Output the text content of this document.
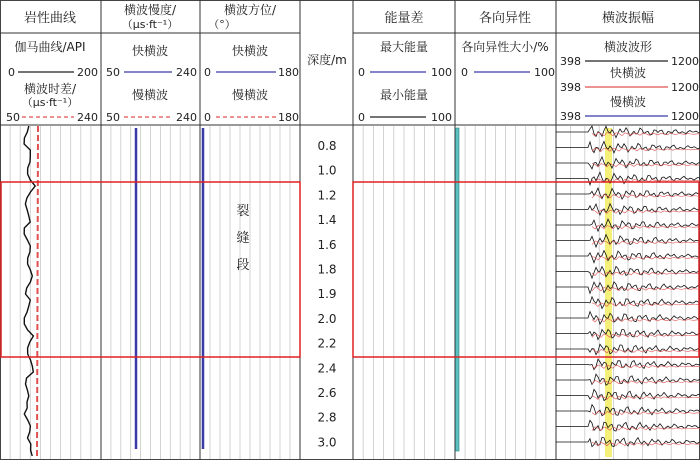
岩性曲线
伽马曲线/API
0	200
横波时差/
（μs·ft⁻¹）
50	240
横波慢度/
（μs·ft⁻¹）
快横波
50	240
慢横波
50	240
横波方位/
（°）
快横波
0	180
慢横波
0	180
深度/m
0.8
1.0
1.2
1.4
1.6
1.8
1.9
2.0
2.2
2.4
2.6
2.8
3.0
能量差
最大能量
0	100
最小能量
0	100
各向异性
各向异性大小/%
0	100
横波振幅
横波波形
398	1200
快横波
398	1200
慢横波
398	1200
裂
缝
段
